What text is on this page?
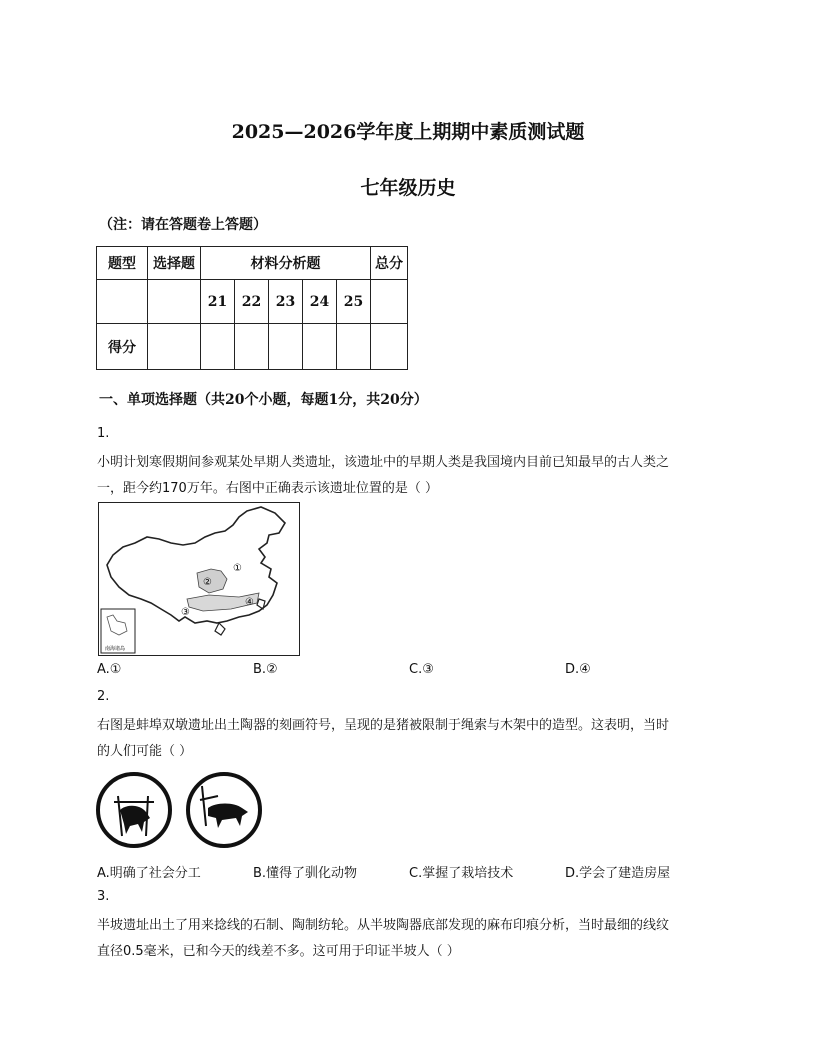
2025—2026学年度上期期中素质测试题
七年级历史
（注：请在答题卷上答题）
题型	选择题	材料分析题					总分
		21	22	23	24	25	
得分							
一、单项选择题（共20个小题，每题1分，共20分）
1.
小明计划寒假期间参观某处早期人类遗址，该遗址中的早期人类是我国境内目前已知最早的古人类之
一，距今约170万年。右图中正确表示该遗址位置的是（ ）
①
②
③
④
南海诸岛
A.①	B.②	C.③	D.④
2.
右图是蚌埠双墩遗址出土陶器的刻画符号，呈现的是猪被限制于绳索与木架中的造型。这表明，当时
的人们可能（ ）
A.明确了社会分工	B.懂得了驯化动物	C.掌握了栽培技术	D.学会了建造房屋
3.
半坡遗址出土了用来捻线的石制、陶制纺轮。从半坡陶器底部发现的麻布印痕分析，当时最细的线纹
直径0.5毫米，已和今天的线差不多。这可用于印证半坡人（ ）
